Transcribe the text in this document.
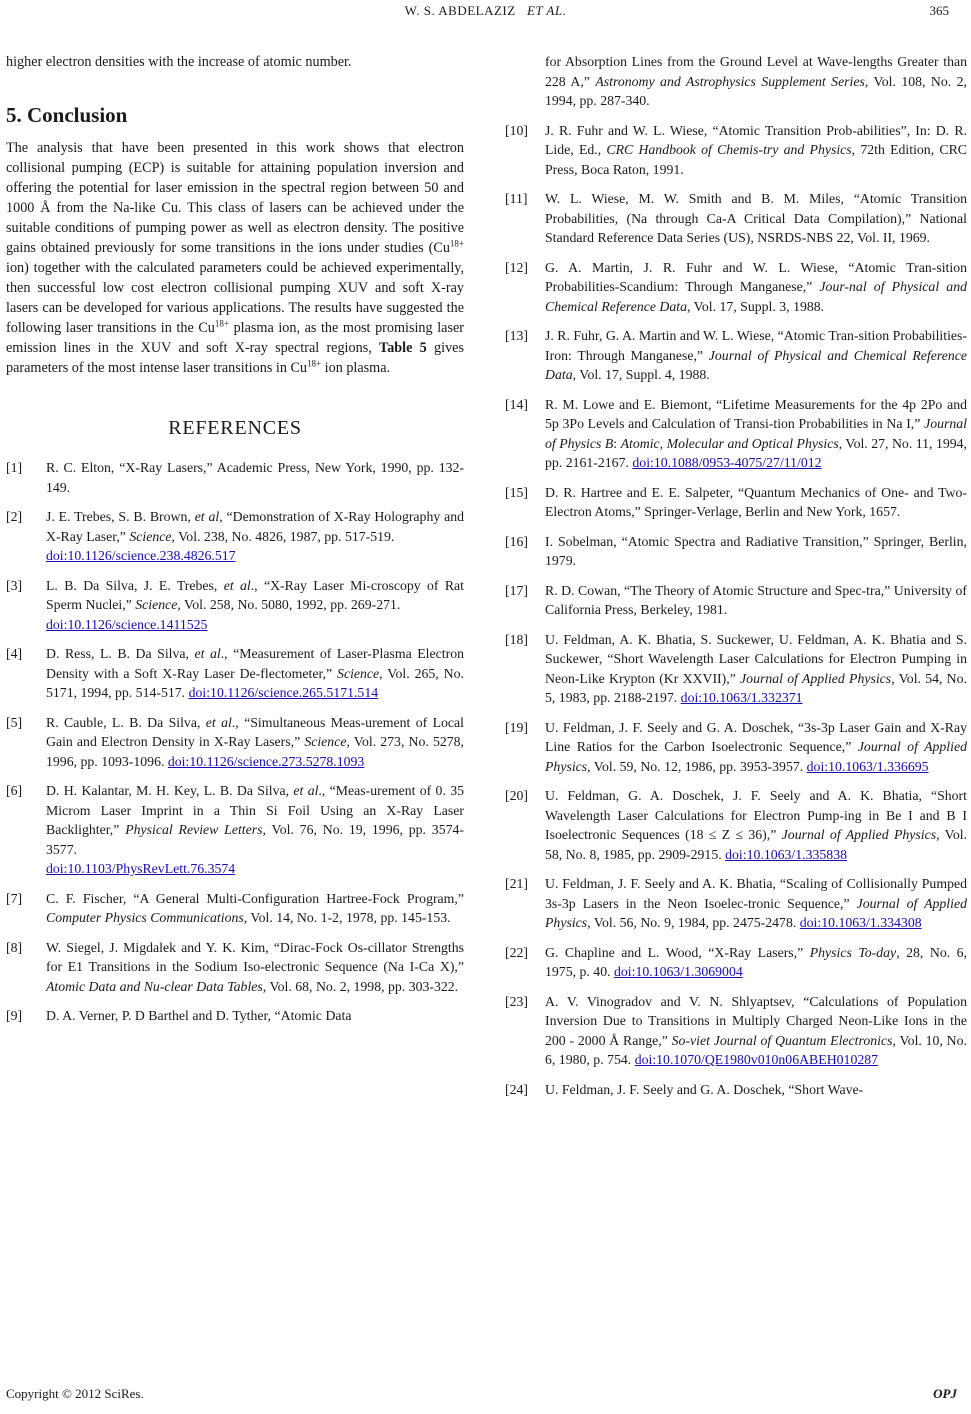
W. S. ABDELAZIZ ET AL.	365

higher electron densities with the increase of atomic number.

5. Conclusion

The analysis that have been presented in this work shows that electron collisional pumping (ECP) is suitable for attaining population inversion and offering the potential for laser emission in the spectral region between 50 and 1000 Å from the Na-like Cu. This class of lasers can be achieved under the suitable conditions of pumping power as well as electron density. The positive gains obtained previously for some transitions in the ions under studies ($Cu^{18+}$ ion) together with the calculated parameters could be achieved experimentally, then successful low cost electron collisional pumping XUV and soft X-ray lasers can be developed for various applications. The results have suggested the following laser transitions in the $Cu^{18+}$ plasma ion, as the most promising laser emission lines in the XUV and soft X-ray spectral regions, Table 5 gives parameters of the most intense laser transitions in $Cu^{18+}$ ion plasma.

REFERENCES
[1] R. C. Elton, “X-Ray Lasers,” Academic Press, New York, 1990, pp. 132-149.
[2] J. E. Trebes, S. B. Brown, et al, “Demonstration of X-Ray Holography and X-Ray Laser,” Science, Vol. 238, No. 4826, 1987, pp. 517-519.
doi:10.1126/science.238.4826.517
[3] L. B. Da Silva, J. E. Trebes, et al., “X-Ray Laser Mi-croscopy of Rat Sperm Nuclei,” Science, Vol. 258, No. 5080, 1992, pp. 269-271.
doi:10.1126/science.1411525
[4] D. Ress, L. B. Da Silva, et al., “Measurement of Laser-Plasma Electron Density with a Soft X-Ray Laser De-flectometer,” Science, Vol. 265, No. 5171, 1994, pp. 514-517. doi:10.1126/science.265.5171.514
[5] R. Cauble, L. B. Da Silva, et al., “Simultaneous Meas-urement of Local Gain and Electron Density in X-Ray Lasers,” Science, Vol. 273, No. 5278, 1996, pp. 1093-1096. doi:10.1126/science.273.5278.1093
[6] D. H. Kalantar, M. H. Key, L. B. Da Silva, et al., “Meas-urement of 0. 35 Microm Laser Imprint in a Thin Si Foil Using an X-Ray Laser Backlighter,” Physical Review Letters, Vol. 76, No. 19, 1996, pp. 3574-3577.
doi:10.1103/PhysRevLett.76.3574
[7] C. F. Fischer, “A General Multi-Configuration Hartree-Fock Program,” Computer Physics Communications, Vol. 14, No. 1-2, 1978, pp. 145-153.
[8] W. Siegel, J. Migdalek and Y. K. Kim, “Dirac-Fock Os-cillator Strengths for E1 Transitions in the Sodium Iso-electronic Sequence (Na I-Ca X),” Atomic Data and Nu-clear Data Tables, Vol. 68, No. 2, 1998, pp. 303-322.
[9] D. A. Verner, P. D Barthel and D. Tyther, “Atomic Data
for Absorption Lines from the Ground Level at Wave-lengths Greater than 228 A,” Astronomy and Astrophysics Supplement Series, Vol. 108, No. 2, 1994, pp. 287-340.
[10] J. R. Fuhr and W. L. Wiese, “Atomic Transition Prob-abilities”, In: D. R. Lide, Ed., CRC Handbook of Chemis-try and Physics, 72th Edition, CRC Press, Boca Raton, 1991.
[11] W. L. Wiese, M. W. Smith and B. M. Miles, “Atomic Transition Probabilities, (Na through Ca-A Critical Data Compilation),” National Standard Reference Data Series (US), NSRDS-NBS 22, Vol. II, 1969.
[12] G. A. Martin, J. R. Fuhr and W. L. Wiese, “Atomic Tran-sition Probabilities-Scandium: Through Manganese,” Jour-nal of Physical and Chemical Reference Data, Vol. 17, Suppl. 3, 1988.
[13] J. R. Fuhr, G. A. Martin and W. L. Wiese, “Atomic Tran-sition Probabilities-Iron: Through Manganese,” Journal of Physical and Chemical Reference Data, Vol. 17, Suppl. 4, 1988.
[14] R. M. Lowe and E. Biemont, “Lifetime Measurements for the 4p 2Po and 5p 3Po Levels and Calculation of Transi-tion Probabilities in Na I,” Journal of Physics B: Atomic, Molecular and Optical Physics, Vol. 27, No. 11, 1994, pp. 2161-2167. doi:10.1088/0953-4075/27/11/012
[15] D. R. Hartree and E. E. Salpeter, “Quantum Mechanics of One- and Two-Electron Atoms,” Springer-Verlage, Berlin and New York, 1657.
[16] I. Sobelman, “Atomic Spectra and Radiative Transition,” Springer, Berlin, 1979.
[17] R. D. Cowan, “The Theory of Atomic Structure and Spec-tra,” University of California Press, Berkeley, 1981.
[18] U. Feldman, A. K. Bhatia, S. Suckewer, U. Feldman, A. K. Bhatia and S. Suckewer, “Short Wavelength Laser Calculations for Electron Pumping in Neon-Like Krypton (Kr XXVII),” Journal of Applied Physics, Vol. 54, No. 5, 1983, pp. 2188-2197. doi:10.1063/1.332371
[19] U. Feldman, J. F. Seely and G. A. Doschek, “3s-3p Laser Gain and X-Ray Line Ratios for the Carbon Isoelectronic Sequence,” Journal of Applied Physics, Vol. 59, No. 12, 1986, pp. 3953-3957. doi:10.1063/1.336695
[20] U. Feldman, G. A. Doschek, J. F. Seely and A. K. Bhatia, “Short Wavelength Laser Calculations for Electron Pump-ing in Be I and B I Isoelectronic Sequences (18 ≤ Z ≤ 36),” Journal of Applied Physics, Vol. 58, No. 8, 1985, pp. 2909-2915. doi:10.1063/1.335838
[21] U. Feldman, J. F. Seely and A. K. Bhatia, “Scaling of Collisionally Pumped 3s-3p Lasers in the Neon Isoelec-tronic Sequence,” Journal of Applied Physics, Vol. 56, No. 9, 1984, pp. 2475-2478. doi:10.1063/1.334308
[22] G. Chapline and L. Wood, “X-Ray Lasers,” Physics To-day, 28, No. 6, 1975, p. 40. doi:10.1063/1.3069004
[23] A. V. Vinogradov and V. N. Shlyaptsev, “Calculations of Population Inversion Due to Transitions in Multiply Charged Neon-Like Ions in the 200 - 2000 Å Range,” So-viet Journal of Quantum Electronics, Vol. 10, No. 6, 1980, p. 754. doi:10.1070/QE1980v010n06ABEH010287
[24] U. Feldman, J. F. Seely and G. A. Doschek, “Short Wave-
Copyright © 2012 SciRes.	OPJ
